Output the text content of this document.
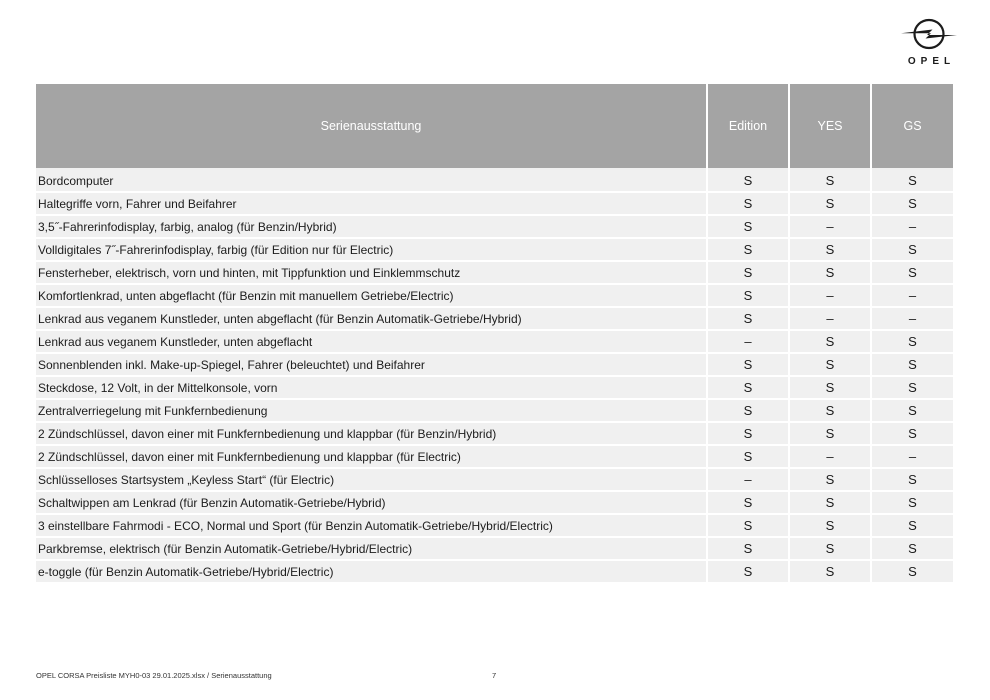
OPEL
Serienausstattung	Edition	YES	GS
Bordcomputer	S	S	S
Haltegriffe vorn, Fahrer und Beifahrer	S	S	S
3,5˝-Fahrerinfodisplay, farbig, analog (für Benzin/Hybrid)	S	–	–
Volldigitales 7˝-Fahrerinfodisplay, farbig (für Edition nur für Electric)	S	S	S
Fensterheber, elektrisch, vorn und hinten, mit Tippfunktion und Einklemmschutz	S	S	S
Komfortlenkrad, unten abgeflacht (für Benzin mit manuellem Getriebe/Electric)	S	–	–
Lenkrad aus veganem Kunstleder, unten abgeflacht (für Benzin Automatik-Getriebe/Hybrid)	S	–	–
Lenkrad aus veganem Kunstleder, unten abgeflacht	–	S	S
Sonnenblenden inkl. Make-up-Spiegel, Fahrer (beleuchtet) und Beifahrer	S	S	S
Steckdose, 12 Volt, in der Mittelkonsole, vorn	S	S	S
Zentralverriegelung mit Funkfernbedienung	S	S	S
2 Zündschlüssel, davon einer mit Funkfernbedienung und klappbar (für Benzin/Hybrid)	S	S	S
2 Zündschlüssel, davon einer mit Funkfernbedienung und klappbar (für Electric)	S	–	–
Schlüsselloses Startsystem „Keyless Start“ (für Electric)	–	S	S
Schaltwippen am Lenkrad (für Benzin Automatik-Getriebe/Hybrid)	S	S	S
3 einstellbare Fahrmodi - ECO, Normal und Sport (für Benzin Automatik-Getriebe/Hybrid/Electric)	S	S	S
Parkbremse, elektrisch (für Benzin Automatik-Getriebe/Hybrid/Electric)	S	S	S
e-toggle (für Benzin Automatik-Getriebe/Hybrid/Electric)	S	S	S
OPEL CORSA Preisliste MYH0-03 29.01.2025.xlsx / Serienausstattung	7
